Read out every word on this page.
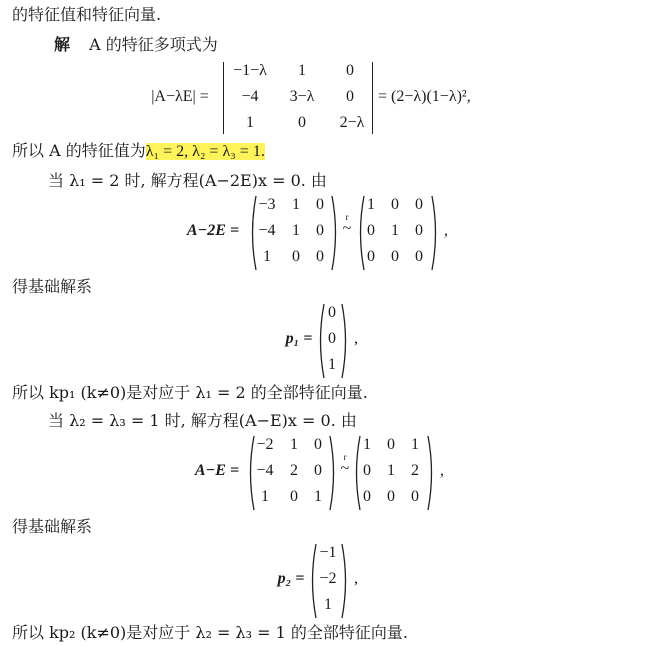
的特征值和特征向量.
解 A 的特征多项式为
|A−λE| =
−1−λ	1	0
−4	3−λ	0
1	0	2−λ
= (2−λ)(1−λ)²,
所以 A 的特征值为λ₁ = 2, λ₂ = λ₃ = 1.
当 λ₁ = 2 时, 解方程(A−2E)x = 0. 由
A−2E =
−3	1	0
−4	1	0
1	0	0
r
~
1	0	0
0	1	0
0	0	0
,
得基础解系
p₁ =
0
0
1
,
所以 kp₁ (k≠0)是对应于 λ₁ = 2 的全部特征向量.
当 λ₂ = λ₃ = 1 时, 解方程(A−E)x = 0. 由
A−E =
−2	1	0
−4	2	0
1	0	1
r
~
1	0	1
0	1	2
0	0	0
,
得基础解系
p₂ =
−1
−2
1
,
所以 kp₂ (k≠0)是对应于 λ₂ = λ₃ = 1 的全部特征向量.
